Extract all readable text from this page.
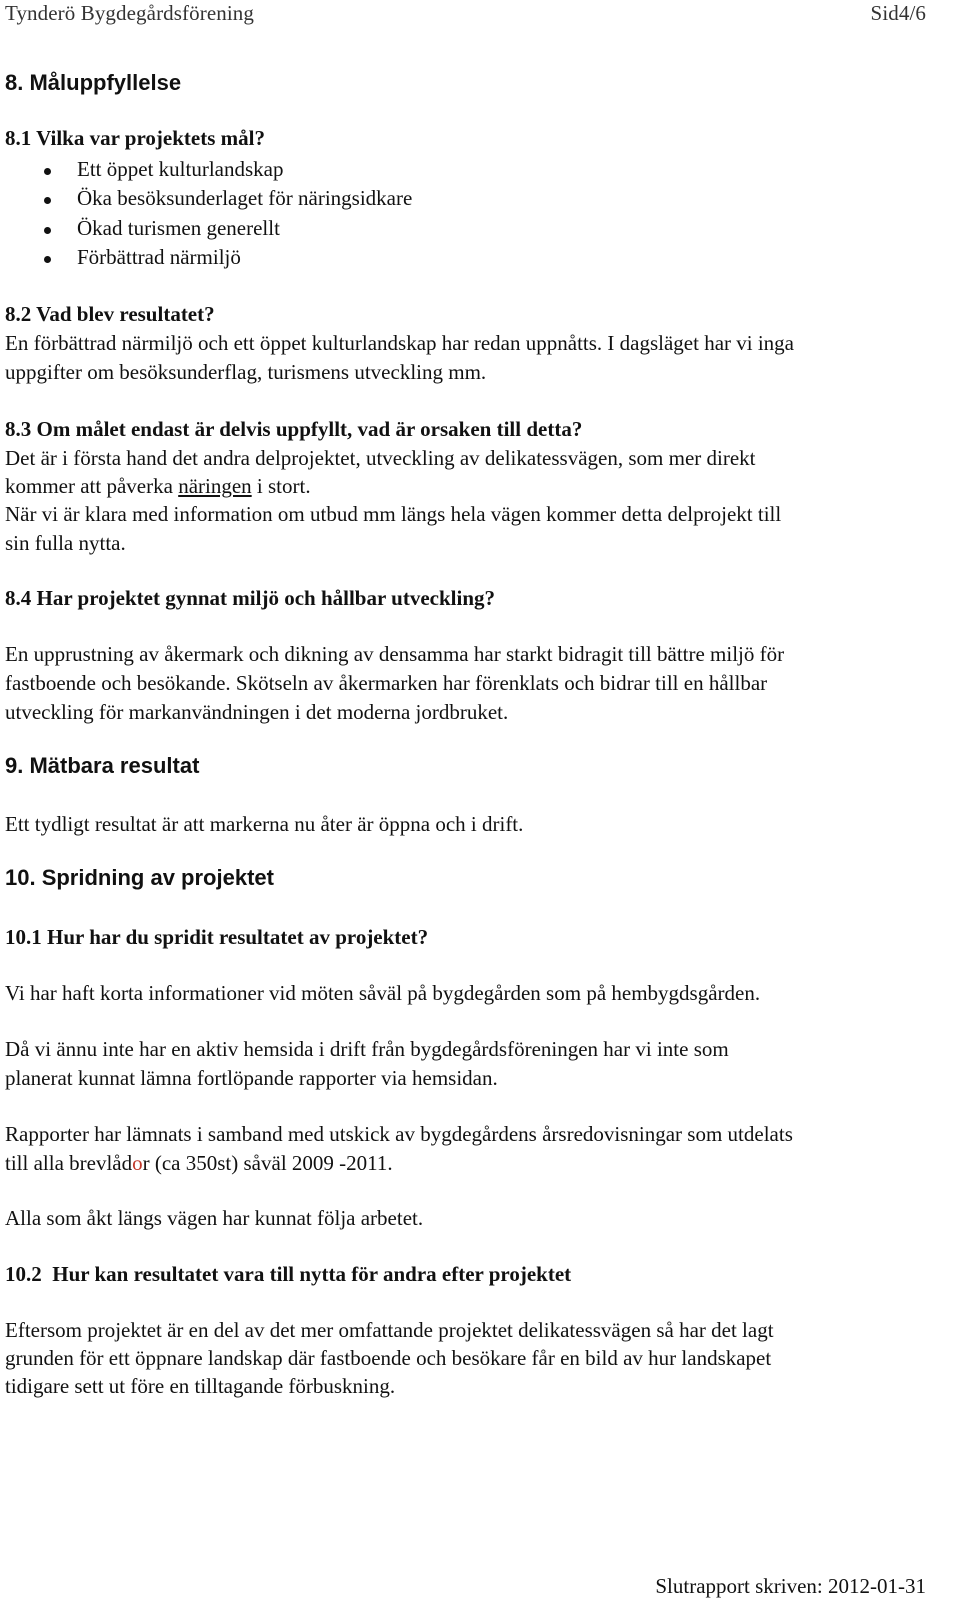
Tynderö Bygdegårdsförening	Sid4/6
8. Måluppfyllelse
8.1 Vilka var projektets mål?
Ett öppet kulturlandskap
Öka besöksunderlaget för näringsidkare
Ökad turismen generellt
Förbättrad närmiljö
8.2 Vad blev resultatet?
En förbättrad närmiljö och ett öppet kulturlandskap har redan uppnåtts. I dagsläget har vi inga
uppgifter om besöksunderflag, turismens utveckling mm.
8.3 Om målet endast är delvis uppfyllt, vad är orsaken till detta?
Det är i första hand det andra delprojektet, utveckling av delikatessvägen, som mer direkt
kommer att påverka näringen i stort.
När vi är klara med information om utbud mm längs hela vägen kommer detta delprojekt till
sin fulla nytta.
8.4 Har projektet gynnat miljö och hållbar utveckling?
En upprustning av åkermark och dikning av densamma har starkt bidragit till bättre miljö för
fastboende och besökande. Skötseln av åkermarken har förenklats och bidrar till en hållbar
utveckling för markanvändningen i det moderna jordbruket.
9. Mätbara resultat
Ett tydligt resultat är att markerna nu åter är öppna och i drift.
10. Spridning av projektet
10.1 Hur har du spridit resultatet av projektet?
Vi har haft korta informationer vid möten såväl på bygdegården som på hembygdsgården.
Då vi ännu inte har en aktiv hemsida i drift från bygdegårdsföreningen har vi inte som
planerat kunnat lämna fortlöpande rapporter via hemsidan.
Rapporter har lämnats i samband med utskick av bygdegårdens årsredovisningar som utdelats
till alla brevlådor (ca 350st) såväl 2009 -2011.
Alla som åkt längs vägen har kunnat följa arbetet.
10.2  Hur kan resultatet vara till nytta för andra efter projektet
Eftersom projektet är en del av det mer omfattande projektet delikatessvägen så har det lagt
grunden för ett öppnare landskap där fastboende och besökare får en bild av hur landskapet
tidigare sett ut före en tilltagande förbuskning.
Slutrapport skriven: 2012-01-31
